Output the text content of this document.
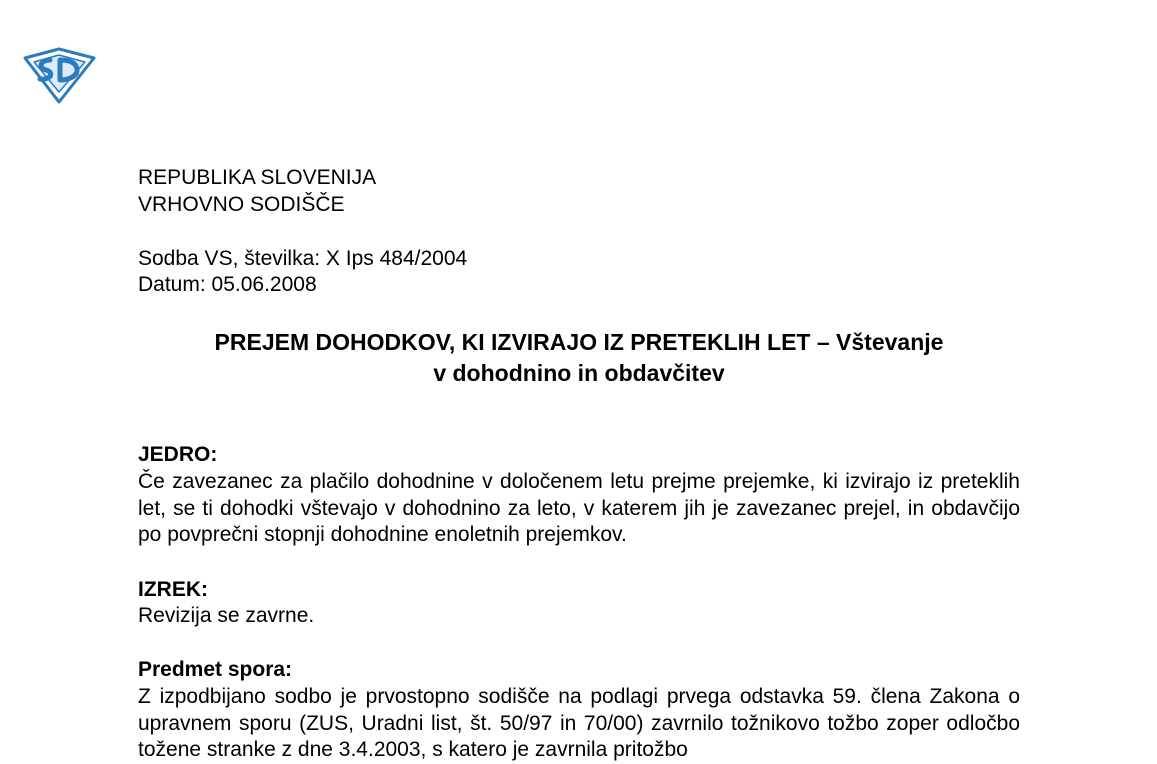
REPUBLIKA SLOVENIJA
VRHOVNO SODIŠČE
Sodba VS, številka: X Ips 484/2004
Datum: 05.06.2008
PREJEM DOHODKOV, KI IZVIRAJO IZ PRETEKLIH LET – Vštevanje
v dohodnino in obdavčitev
JEDRO:
Če zavezanec za plačilo dohodnine v določenem letu prejme prejemke, ki izvirajo iz preteklih let, se ti dohodki vštevajo v dohodnino za leto, v katerem jih je zavezanec prejel, in obdavčijo po povprečni stopnji dohodnine enoletnih prejemkov.
IZREK:
Revizija se zavrne.
Predmet spora:
Z izpodbijano sodbo je prvostopno sodišče na podlagi prvega odstavka 59. člena Zakona o upravnem sporu (ZUS, Uradni list, št. 50/97 in 70/00) zavrnilo tožnikovo tožbo zoper odločbo tožene stranke z dne 3.4.2003, s katero je zavrnila pritožbo
